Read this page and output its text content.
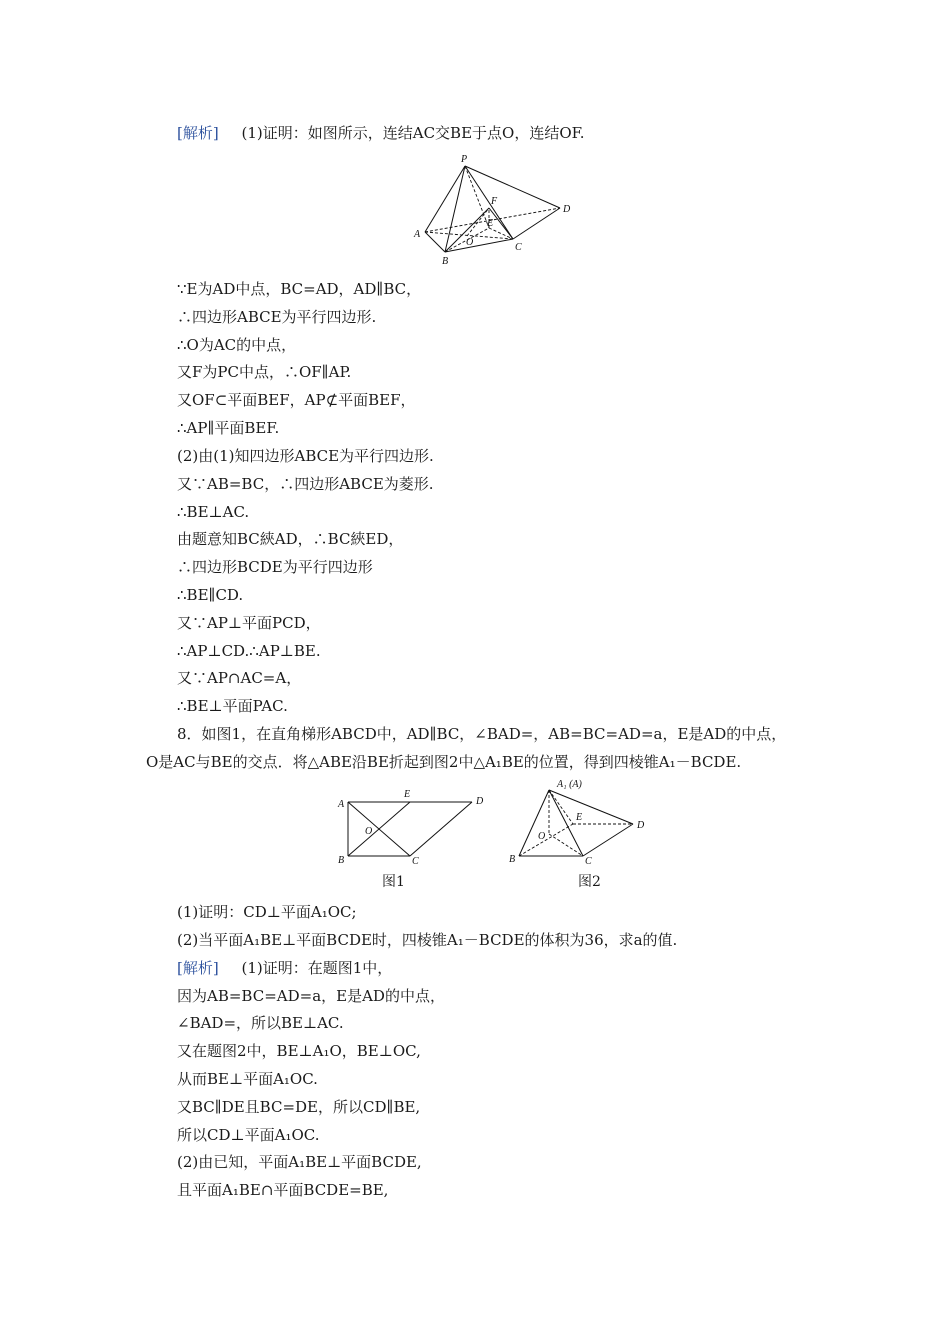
[解析] (1)证明：如图所示，连结AC交BE于点O，连结OF.
P
A
B
C
D
E
F
O
∵E为AD中点，BC=AD，AD∥BC，
∴四边形ABCE为平行四边形.
∴O为AC的中点，
又F为PC中点，∴OF∥AP.
又OF⊂平面BEF，AP⊄平面BEF，
∴AP∥平面BEF.
(2)由(1)知四边形ABCE为平行四边形.
又∵AB=BC，∴四边形ABCE为菱形.
∴BE⊥AC.
由题意知BC綊AD，∴BC綊ED，
∴四边形BCDE为平行四边形
∴BE∥CD.
又∵AP⊥平面PCD，
∴AP⊥CD.∴AP⊥BE.
又∵AP∩AC=A，
∴BE⊥平面PAC.
8．如图1，在直角梯形ABCD中，AD∥BC，∠BAD=，AB=BC=AD=a，E是AD的中点，
O是AC与BE的交点．将△ABE沿BE折起到图2中△A₁BE的位置，得到四棱锥A₁－BCDE.
A
E
D
O
B	C
图1
A₁ (A)
E
D
O
B	C
图2
(1)证明：CD⊥平面A₁OC;
(2)当平面A₁BE⊥平面BCDE时，四棱锥A₁－BCDE的体积为36，求a的值.
[解析] (1)证明：在题图1中，
因为AB=BC=AD=a，E是AD的中点，
∠BAD=，所以BE⊥AC.
又在题图2中，BE⊥A₁O，BE⊥OC,
从而BE⊥平面A₁OC.
又BC∥DE且BC=DE，所以CD∥BE,
所以CD⊥平面A₁OC.
(2)由已知，平面A₁BE⊥平面BCDE,
且平面A₁BE∩平面BCDE=BE,
